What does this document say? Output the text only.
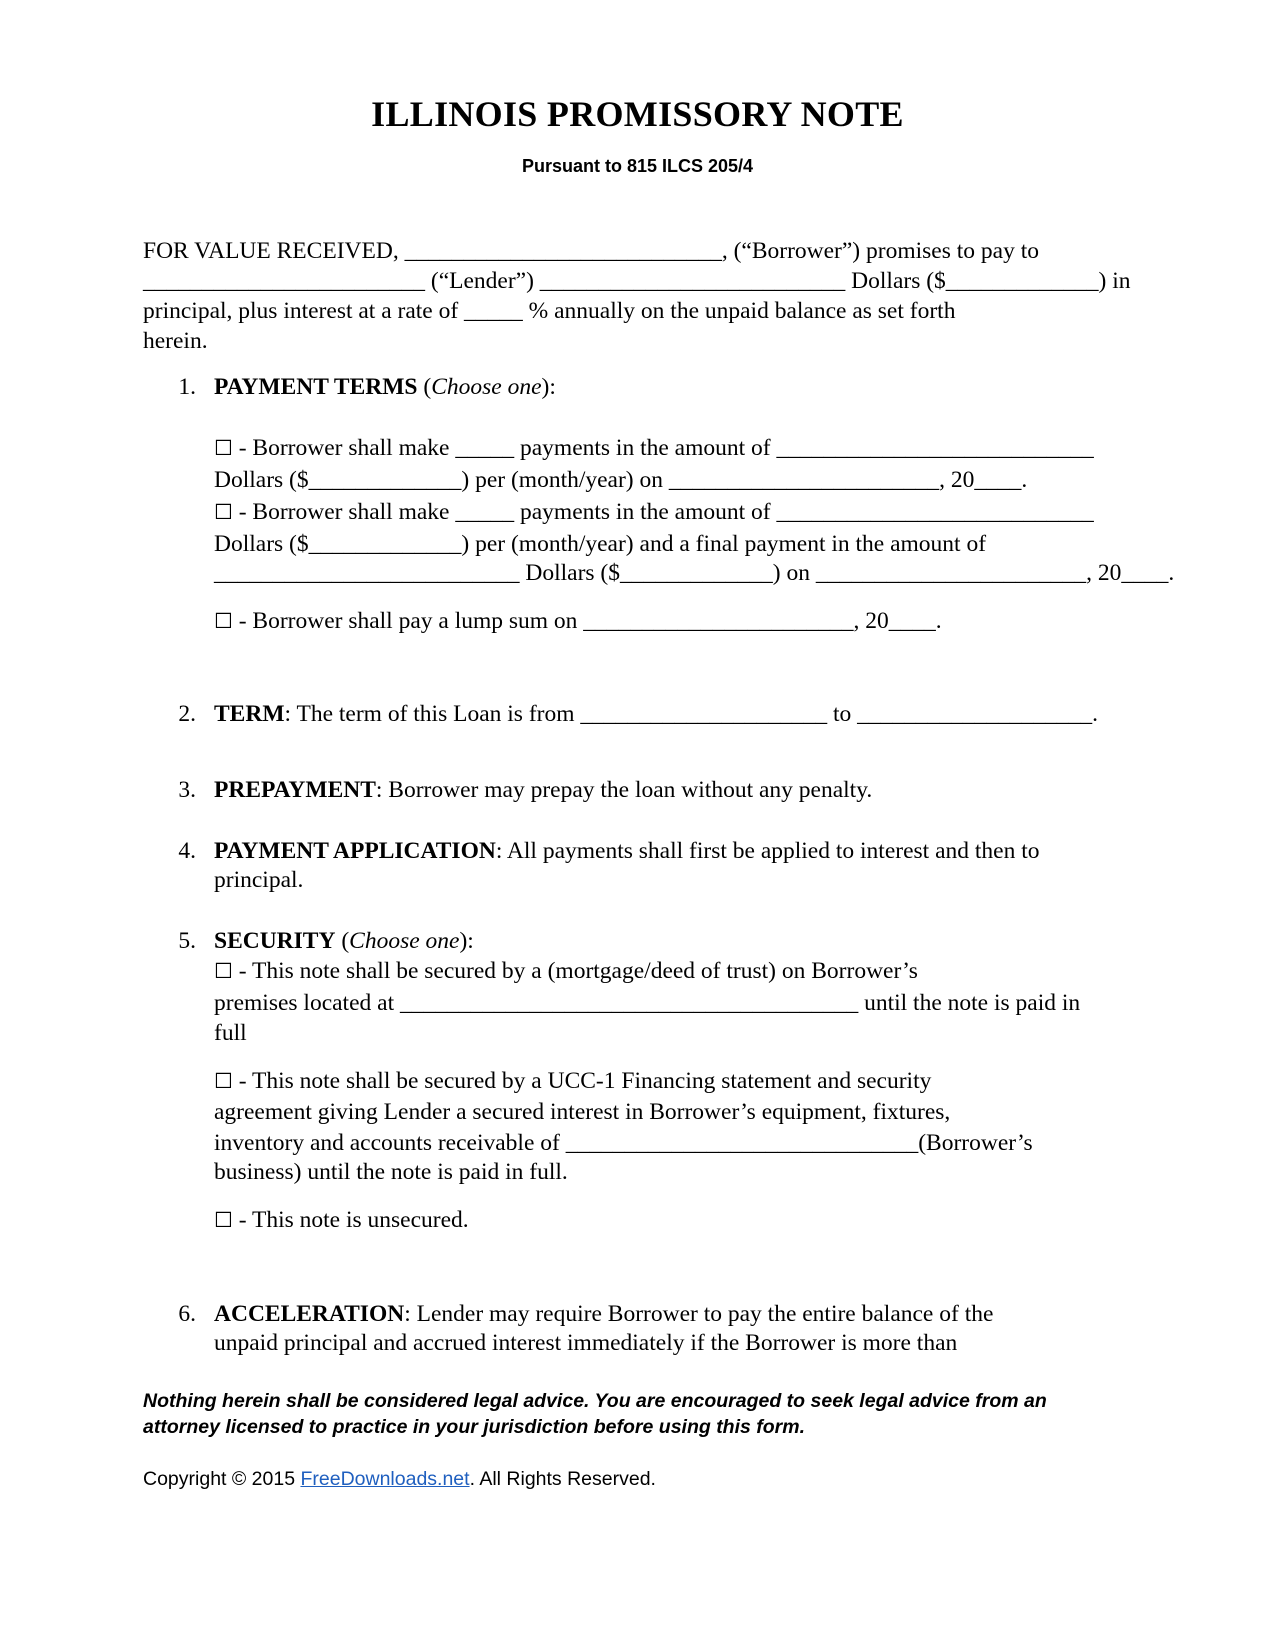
ILLINOIS PROMISSORY NOTE
Pursuant to 815 ILCS 205/4
FOR VALUE RECEIVED, ___________________________, (“Borrower”) promises to pay to
________________________ (“Lender”) __________________________ Dollars ($_____________) in
principal, plus interest at a rate of _____ % annually on the unpaid balance as set forth
herein.
1. PAYMENT TERMS (Choose one):
☐ - Borrower shall make _____ payments in the amount of ___________________________
Dollars ($_____________) per (month/year) on _______________________, 20____.
☐ - Borrower shall make _____ payments in the amount of ___________________________
Dollars ($_____________) per (month/year) and a final payment in the amount of
__________________________ Dollars ($_____________) on _______________________, 20____.
☐ - Borrower shall pay a lump sum on _______________________, 20____.
2. TERM: The term of this Loan is from _____________________ to ____________________.
3. PREPAYMENT: Borrower may prepay the loan without any penalty.
4. PAYMENT APPLICATION: All payments shall first be applied to interest and then to
principal.
5. SECURITY (Choose one):
☐ - This note shall be secured by a (mortgage/deed of trust) on Borrower’s
premises located at _______________________________________ until the note is paid in
full
☐ - This note shall be secured by a UCC-1 Financing statement and security
agreement giving Lender a secured interest in Borrower’s equipment, fixtures,
inventory and accounts receivable of ______________________________(Borrower’s
business) until the note is paid in full.
☐ - This note is unsecured.
6. ACCELERATION: Lender may require Borrower to pay the entire balance of the
unpaid principal and accrued interest immediately if the Borrower is more than
Nothing herein shall be considered legal advice. You are encouraged to seek legal advice from an
attorney licensed to practice in your jurisdiction before using this form.
Copyright © 2015 FreeDownloads.net. All Rights Reserved.
